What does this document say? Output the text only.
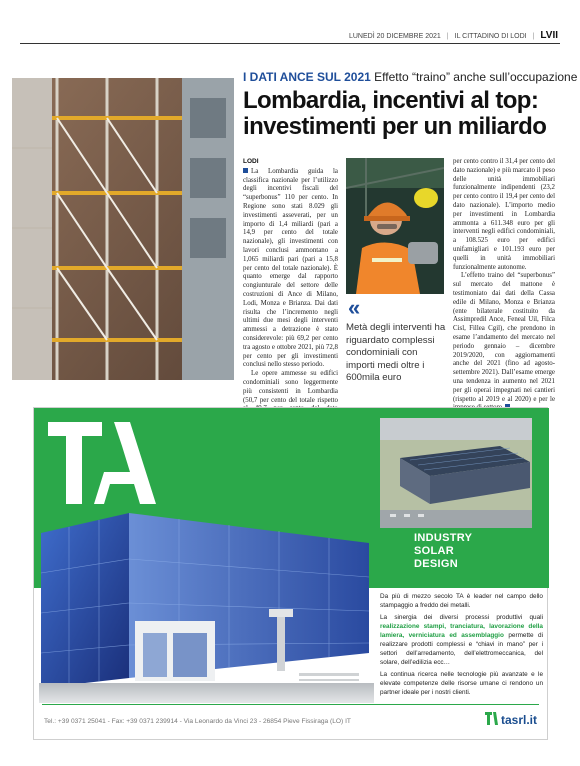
LUNEDÌ 20 DICEMBRE 2021 | IL CITTADINO DI LODI | LVII
I DATI ANCE SUL 2021 Effetto “traino” anche sull’occupazione
Lombardia, incentivi al top: investimenti per un miliardo
LODI

La Lombardia guida la classifica nazionale per l’utilizzo degli incentivi fiscali del “superbonus” 110 per cento. In Regione sono stati 8.029 gli investimenti asseverati, per un importo di 1,4 miliardi (pari a 14,9 per cento del totale nazionale), gli investimenti con lavori conclusi ammontano a 1,065 miliardi pari (pari a 15,8 per cento del totale nazionale). È quanto emerge dal rapporto congiunturale del settore delle costruzioni di Ance di Milano, Lodi, Monza e Brianza. Dai dati risulta che l’incremento negli ultimi due mesi degli interventi ammessi a detrazione è stato considerevole: più 69,2 per cento tra agosto e ottobre 2021, più 72,8 per cento per gli investimenti conclusi nello stesso periodo.

Le opere ammesse su edifici condominiali sono leggermente più consistenti in Lombardia (50,7 per cento del totale rispetto

«
Metà degli interventi ha riguardato complessi condominiali con importi medi oltre i 600mila euro

per cento contro il 31,4 per cento del dato nazionale) e più marcato il peso delle unità immobiliari funzionalmente indipendenti (23,2 per cento contro il 19,4 per cento del dato nazionale). L’importo medio per investimenti in Lombardia ammonta a 611.348 euro per gli interventi negli edifici condominiali, a 108.525 euro per edifici unifamigliari e 101.193 euro per quelli in unità immobiliari funzionalmente autonome.

L’effetto traino del “superbonus” sul mercato del mattone è testimoniato dai dati della Cassa edile di Milano, Monza e Brianza (ente bilaterale costituito da Assimpredil Ance, Feneal Uil, Filca Cisl, Fillea Cgil), che prendono in esame l’andamento del mercato nel periodo gennaio – dicembre 2019/2020, con aggiornamenti anche del 2021 (fino ad agosto-settembre 2021). Dall’esame emerge una tendenza in aumento nel 2021 per gli operai impegnati nei cantieri (rispetto al 2019 e al 2020) e per le

INDUSTRY
SOLAR
DESIGN

Da più di mezzo secolo TA è leader nel campo dello stampaggio a freddo dei metalli.

La sinergia dei diversi processi produttivi quali realizzazione stampi, tranciatura, lavorazione della lamiera, verniciatura ed assemblaggio permette di realizzare prodotti complessi e “chiavi in mano” per i settori dell’arredamento, dell’elettromeccanica, del solare, dell’edilizia ecc…

La continua ricerca nelle tecnologie più avanzate e le elevate competenze delle risorse umane ci rendono un partner ideale per i nostri clienti.

Tel.: +39 0371 25041 - Fax: +39 0371 239914 - Via Leonardo da Vinci 23 - 26854 Pieve Fissiraga (LO) IT	tasrl.it
